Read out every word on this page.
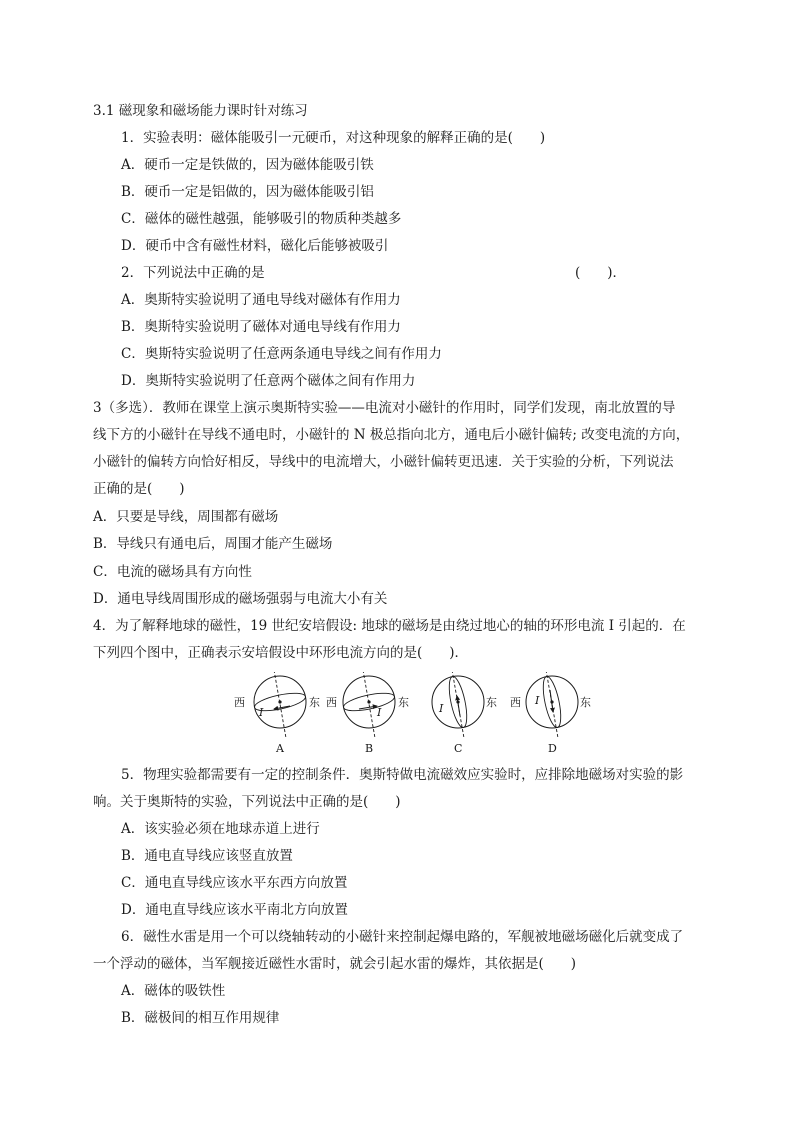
3.1 磁现象和磁场能力课时针对练习
1．实验表明：磁体能吸引一元硬币，对这种现象的解释正确的是(　　)
A．硬币一定是铁做的，因为磁体能吸引铁
B．硬币一定是铝做的，因为磁体能吸引铝
C．磁体的磁性越强，能够吸引的物质种类越多
D．硬币中含有磁性材料，磁化后能够被吸引
2．下列说法中正确的是	(　　)．
A．奥斯特实验说明了通电导线对磁体有作用力
B．奥斯特实验说明了磁体对通电导线有作用力
C．奥斯特实验说明了任意两条通电导线之间有作用力
D．奥斯特实验说明了任意两个磁体之间有作用力
3（多选）．教师在课堂上演示奥斯特实验——电流对小磁针的作用时，同学们发现，南北放置的导
线下方的小磁针在导线不通电时，小磁针的 N 极总指向北方，通电后小磁针偏转; 改变电流的方向，
小磁针的偏转方向恰好相反，导线中的电流增大，小磁针偏转更迅速．关于实验的分析，下列说法
正确的是(　　)
A．只要是导线，周围都有磁场
B．导线只有通电后，周围才能产生磁场
C．电流的磁场具有方向性
D．通电导线周围形成的磁场强弱与电流大小有关
4．为了解释地球的磁性，19 世纪安培假设: 地球的磁场是由绕过地心的轴的环形电流 I 引起的．在
下列四个图中，正确表示安培假设中环形电流方向的是(　　)．
西
I
东
A
西
I
东
B
I	东
C
西 I	东
D
5．物理实验都需要有一定的控制条件．奥斯特做电流磁效应实验时，应排除地磁场对实验的影
响。关于奥斯特的实验，下列说法中正确的是(　　)
A．该实验必须在地球赤道上进行
B．通电直导线应该竖直放置
C．通电直导线应该水平东西方向放置
D．通电直导线应该水平南北方向放置
6．磁性水雷是用一个可以绕轴转动的小磁针来控制起爆电路的，军舰被地磁场磁化后就变成了
一个浮动的磁体，当军舰接近磁性水雷时，就会引起水雷的爆炸，其依据是(　　)
A．磁体的吸铁性
B．磁极间的相互作用规律
